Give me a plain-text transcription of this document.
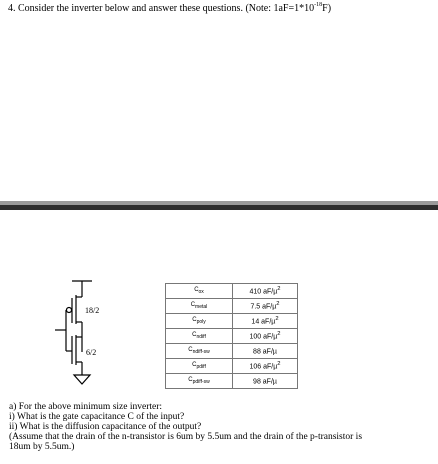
4. Consider the inverter below and answer these questions. (Note: $1aF=1*10^{-18}F$)
18/2
6/2
$C_{ox}$	410 aF/µ$^2$
$C_{metal}$	7.5 aF/µ$^2$
$C_{poly}$	14 aF/µ$^2$
$C_{ndiff}$	100 aF/µ$^2$
$C_{ndiff-sw}$	88 aF/µ
$C_{pdiff}$	106 aF/µ$^2$
$C_{pdiff-sw}$	98 aF/µ
a) For the above minimum size inverter:
i) What is the gate capacitance C of the input?
ii) What is the diffusion capacitance of the output?
(Assume that the drain of the n-transistor is 6um by 5.5um and the drain of the p-transistor is
18um by 5.5um.)
